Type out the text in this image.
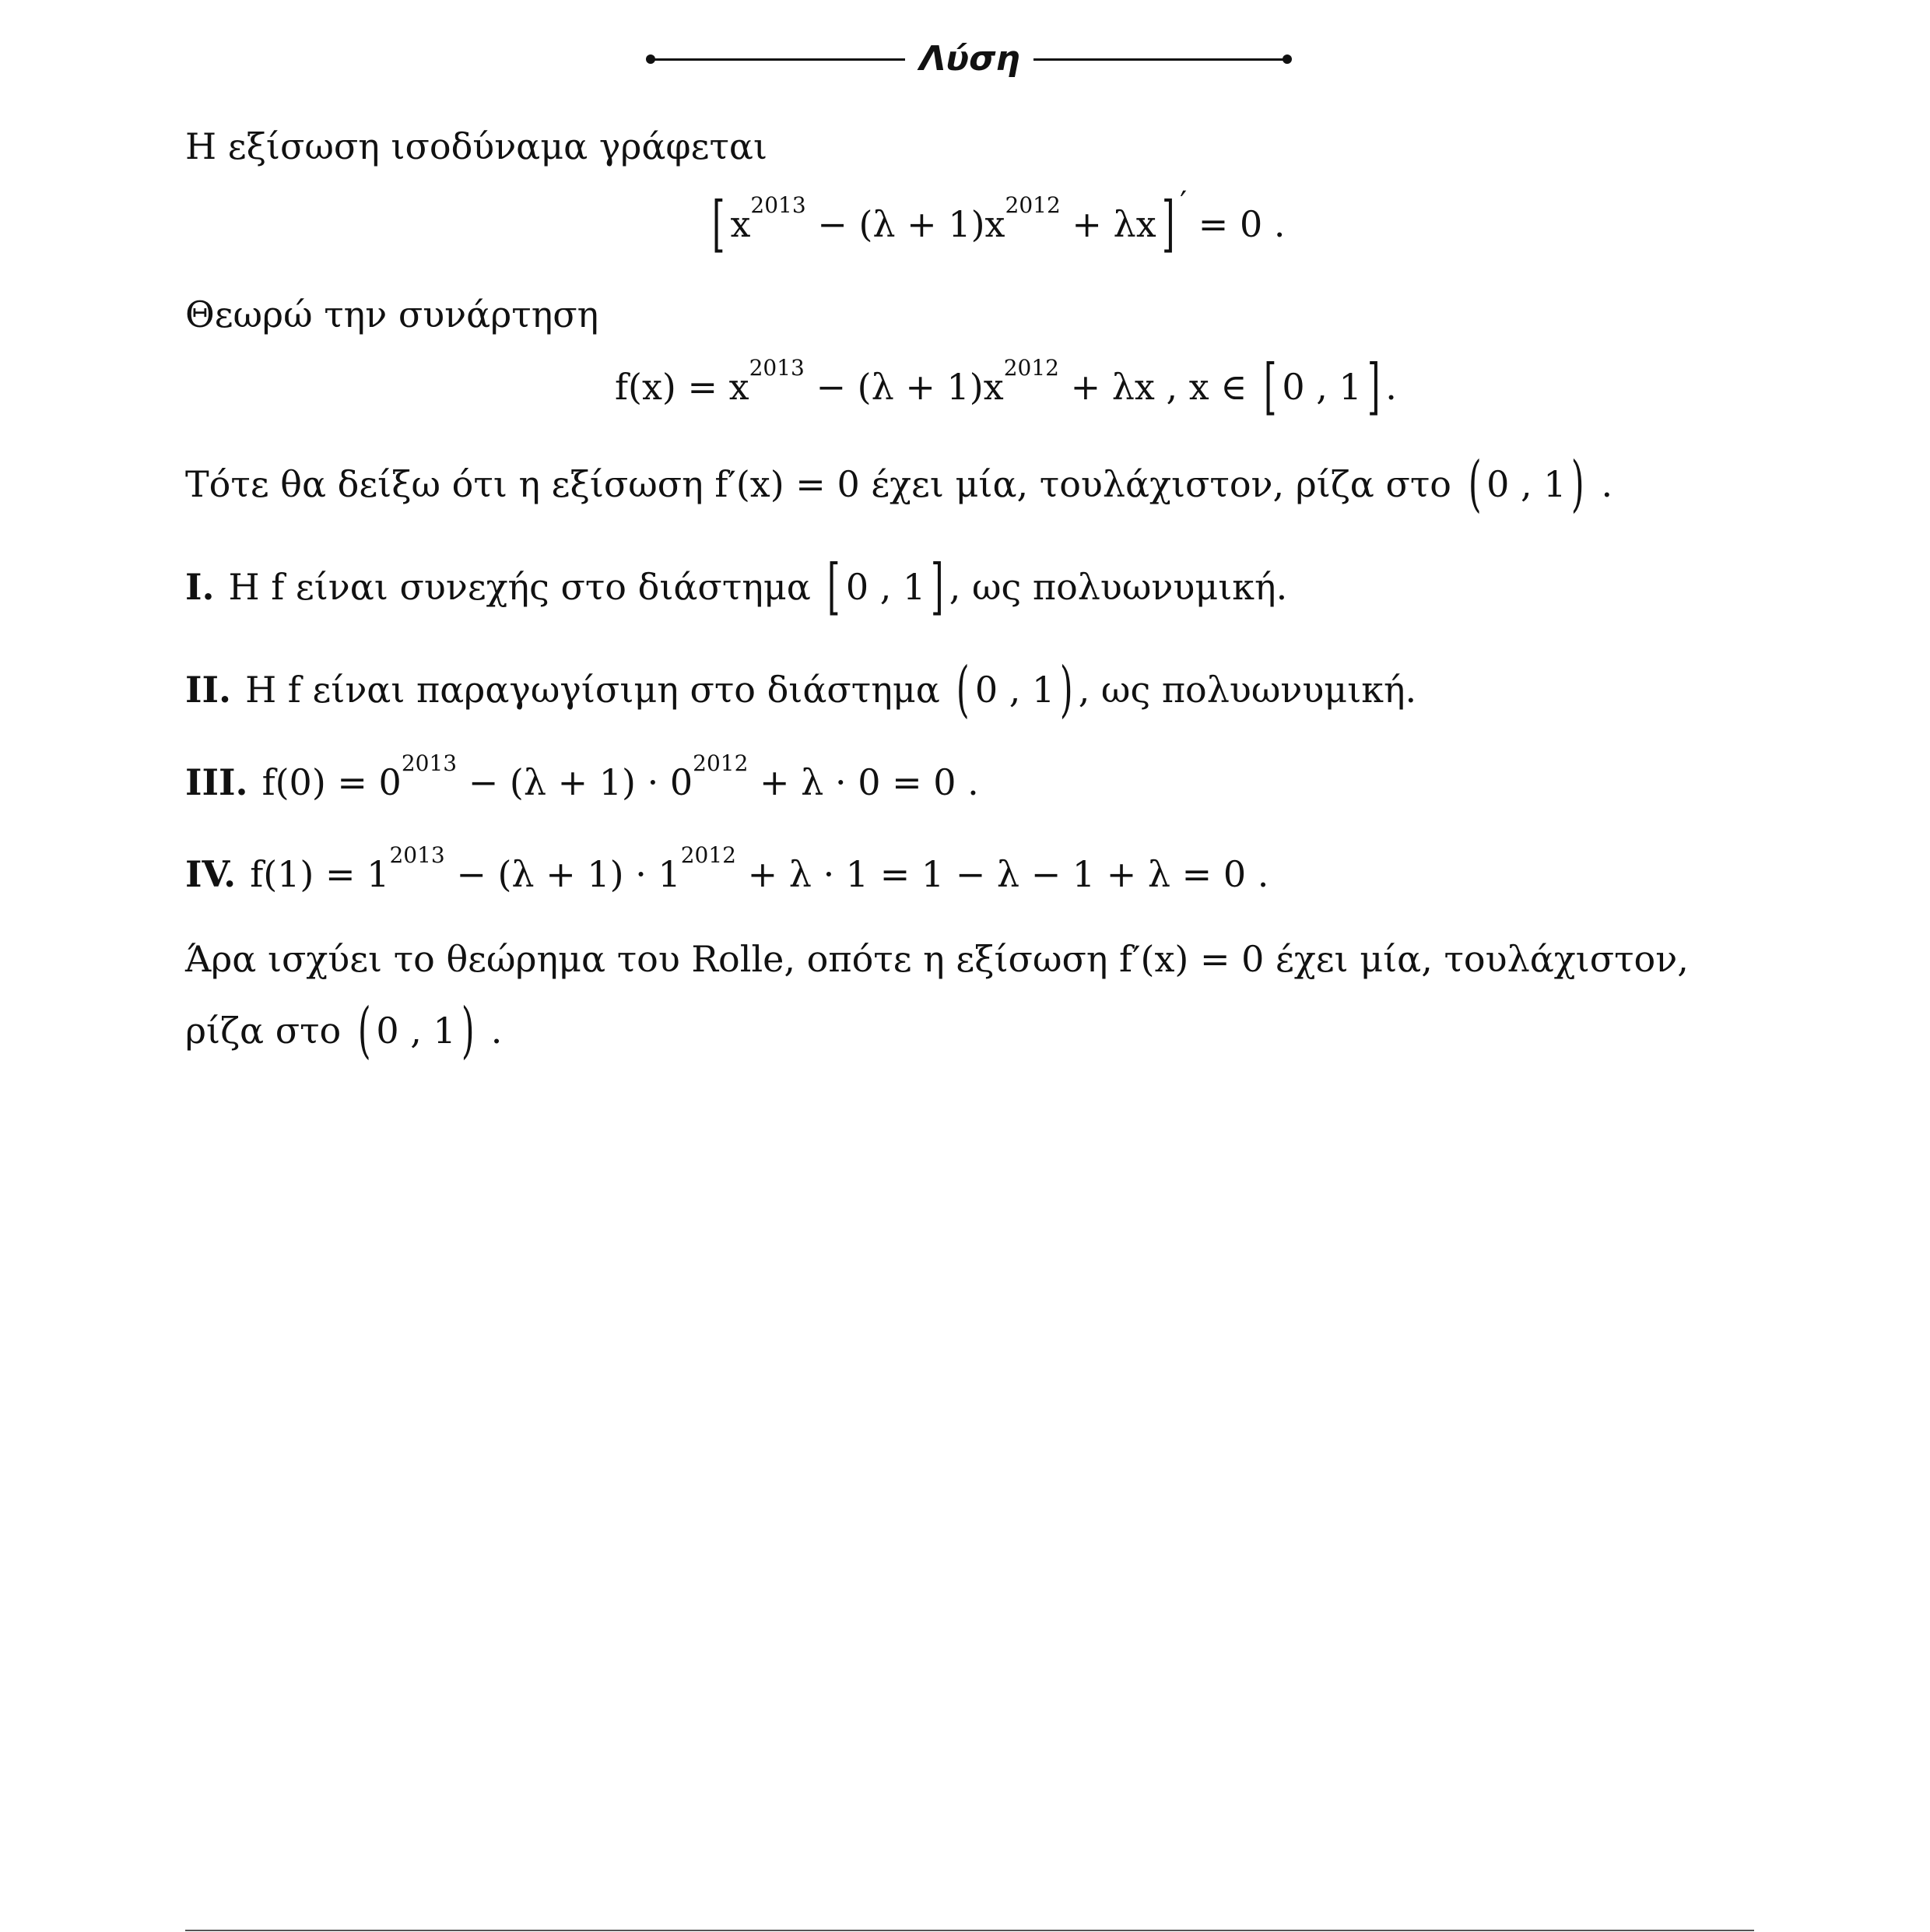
Λύση
Η εξίσωση ισοδύναμα γράφεται
[ $x^{2013} - (\lambda + 1)x^{2012} + \lambda x$] ′ = 0 .
Θεωρώ την συνάρτηση
$f(x) = x^{2013} - (\lambda + 1)x^{2012} + \lambda x$ , x ∈ [ 0 , 1] .
Τότε θα δείξω ότι η εξίσωση f′(x) = 0 έχει μία, τουλάχιστον, ρίζα στο ( 0 , 1) .
I. Η f είναι συνεχής στο διάστημα [ 0 , 1] , ως πολυωνυμική.
II. Η f είναι παραγωγίσιμη στο διάστημα ( 0 , 1) , ως πολυωνυμική.
III. $f(0) = 0^{2013} - (\lambda + 1) \cdot 0^{2012} + \lambda \cdot 0 = 0$ .
IV. $f(1) = 1^{2013} - (\lambda + 1) \cdot 1^{2012} + \lambda \cdot 1 = 1 - \lambda - 1 + \lambda = 0$ .
Άρα ισχύει το θεώρημα του Rolle, οπότε η εξίσωση f′(x) = 0 έχει μία, τουλάχιστον,
ρίζα στο ( 0 , 1) .
